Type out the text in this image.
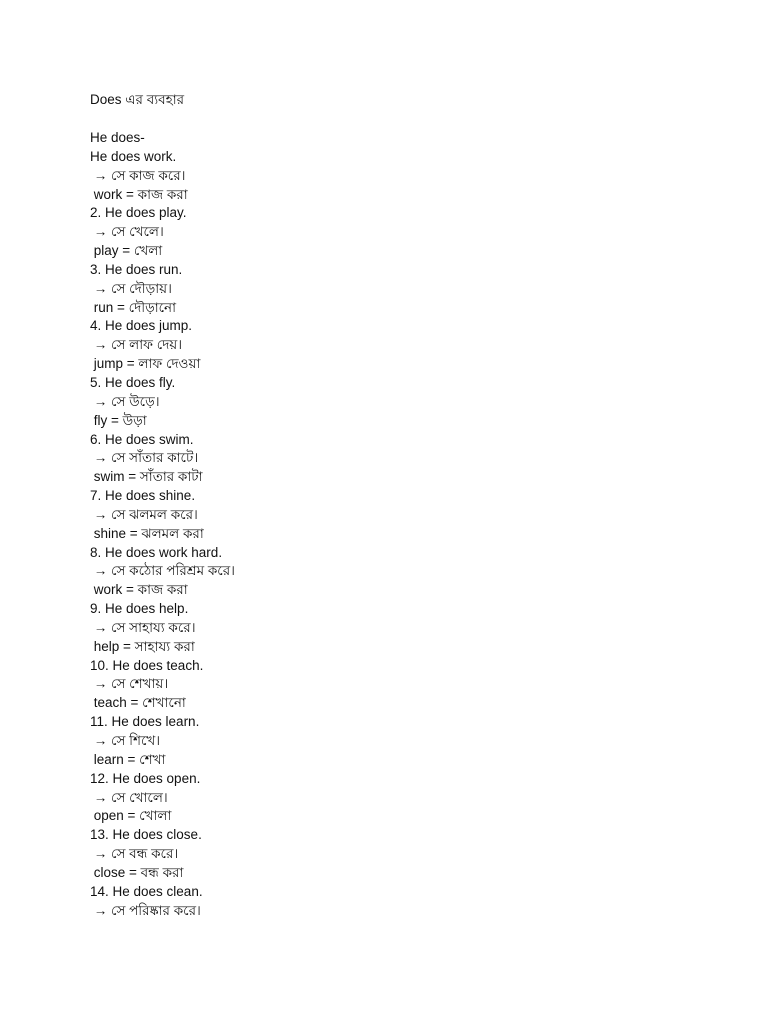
Does এর ব্যবহার
He does-
He does work.
→ সে কাজ করে।
work = কাজ করা
2. He does play.
→ সে খেলে।
play = খেলা
3. He does run.
→ সে দৌড়ায়।
run = দৌড়ানো
4. He does jump.
→ সে লাফ দেয়।
jump = লাফ দেওয়া
5. He does fly.
→ সে উড়ে।
fly = উড়া
6. He does swim.
→ সে সাঁতার কাটে।
swim = সাঁতার কাটা
7. He does shine.
→ সে ঝলমল করে।
shine = ঝলমল করা
8. He does work hard.
→ সে কঠোর পরিশ্রম করে।
work = কাজ করা
9. He does help.
→ সে সাহায্য করে।
help = সাহায্য করা
10. He does teach.
→ সে শেখায়।
teach = শেখানো
11. He does learn.
→ সে শিখে।
learn = শেখা
12. He does open.
→ সে খোলে।
open = খোলা
13. He does close.
→ সে বন্ধ করে।
close = বন্ধ করা
14. He does clean.
→ সে পরিষ্কার করে।
